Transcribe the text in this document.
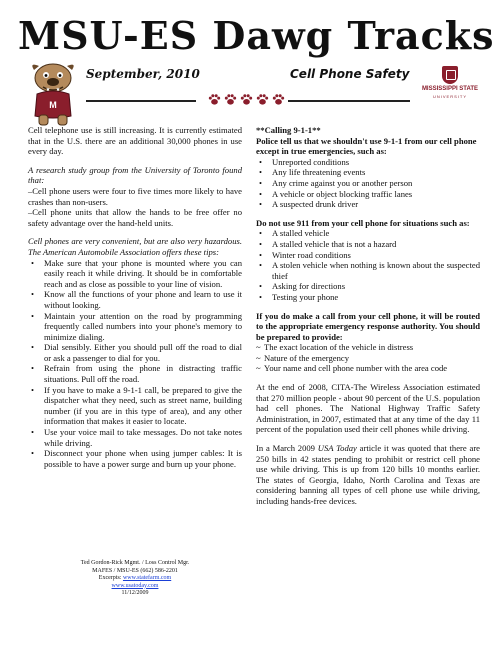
MSU-ES Dawg Tracks
M
September, 2010	Cell Phone Safety
MISSISSIPPI STATE
UNIVERSITY

Cell telephone use is still increasing. It is currently estimated that in the U.S. there are an additional 30,000 phones in use every day.

A research study group from the University of Toronto found that:

–Cell phone users were four to five times more likely to have crashes than non-users.

–Cell phone units that allow the hands to be free offer no safety advantage over the hand-held units.

Cell phones are very convenient, but are also very hazardous. The American Automobile Association offers these tips:

• Make sure that your phone is mounted where you can easily reach it while driving. It should be in comfortable reach and as close as possible to your line of vision.
• Know all the functions of your phone and learn to use it without looking.
• Maintain your attention on the road by programming frequently called numbers into your phone's memory to minimize dialing.
• Dial sensibly. Either you should pull off the road to dial or ask a passenger to dial for you.
• Refrain from using the phone in distracting traffic situations. Pull off the road.
• If you have to make a 9-1-1 call, be prepared to give the dispatcher what they need, such as street name, building number (if you are in this type of area), and any other information that makes it easier to locate.
• Use your voice mail to take messages. Do not take notes while driving.
• Disconnect your phone when using jumper cables: It is possible to have a power surge and burn up your phone.
Ted Gordon-Rick Mgmt. / Loss Control Mgr.
MAFES / MSU-ES (662) 586-2201
Excerpts: www.statefarm.com
www.usatoday.com
11/12/2009
**Calling 9-1-1**
Police tell us that we shouldn't use 9-1-1 from our cell phone except in true emergencies, such as:
• Unreported conditions
• Any life threatening events
• Any crime against you or another person
• A vehicle or object blocking traffic lanes
• A suspected drunk driver
Do not use 911 from your cell phone for situations such as:
• A stalled vehicle
• A stalled vehicle that is not a hazard
• Winter road conditions
• A stolen vehicle when nothing is known about the suspected thief
• Asking for directions
• Testing your phone
If you do make a call from your cell phone, it will be routed to the appropriate emergency response authority. You should be prepared to provide:
~ The exact location of the vehicle in distress
~ Nature of the emergency
~ Your name and cell phone number with the area code

At the end of 2008, CITA-The Wireless Association estimated that 270 million people - about 90 percent of the U.S. population had cell phones. The National Highway Traffic Safety Administration, in 2007, estimated that at any time of the day 11 percent of the population used their cell phones while driving.

In a March 2009 USA Today article it was quoted that there are 250 bills in 42 states pending to prohibit or restrict cell phone use while driving. This is up from 120 bills 10 months earlier. The states of Georgia, Idaho, North Carolina and Texas are considering banning all types of cell phone use while driving, including hands-free devices.
